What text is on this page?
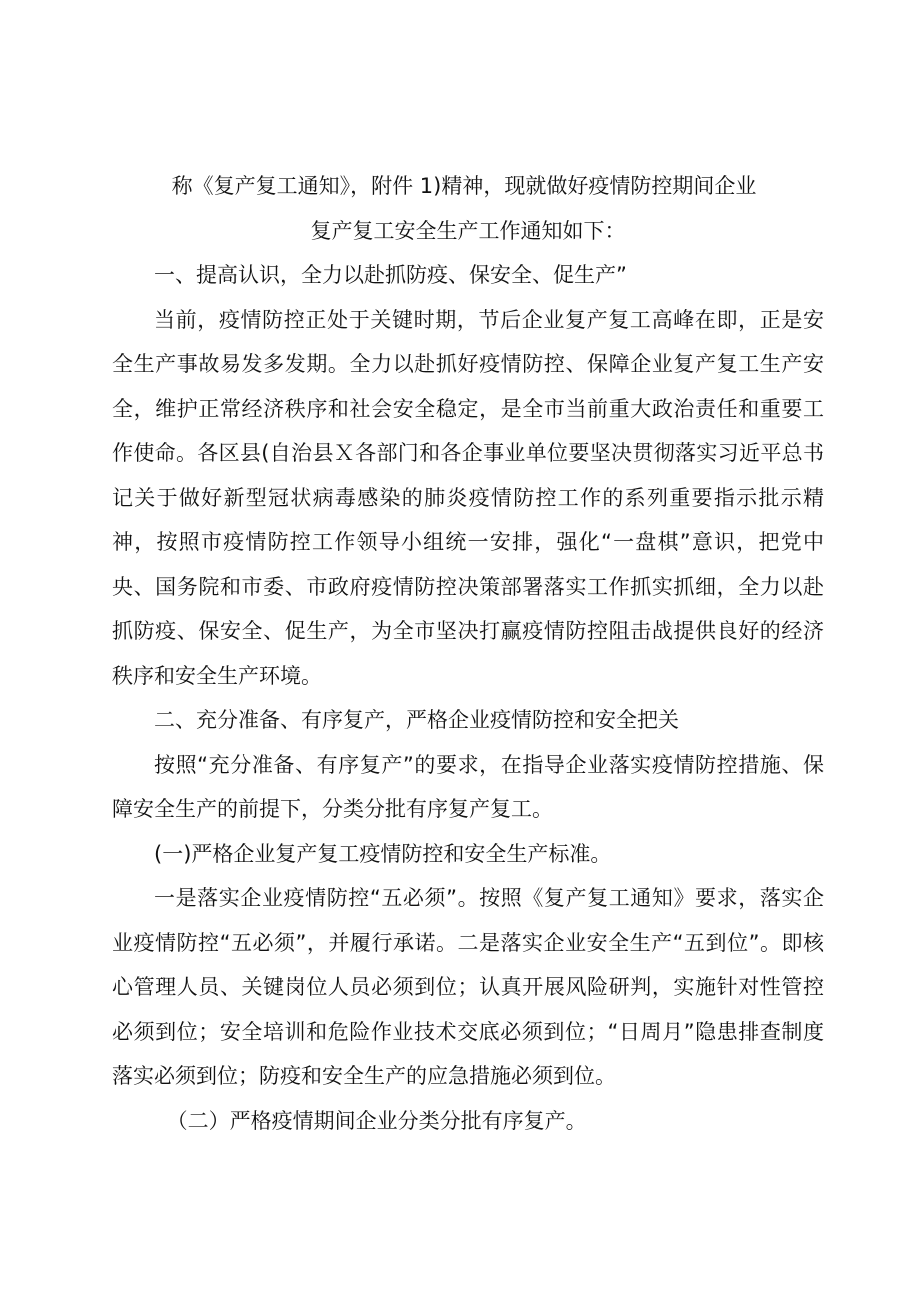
称《复产复工通知》，附件 1)精神，现就做好疫情防控期间企业
复产复工安全生产工作通知如下：

一、提高认识，全力以赴抓防疫、保安全、促生产”

当前，疫情防控正处于关键时期，节后企业复产复工高峰在即，正是安全生产事故易发多发期。全力以赴抓好疫情防控、保障企业复产复工生产安全，维护正常经济秩序和社会安全稳定，是全市当前重大政治责任和重要工作使命。各区县(自治县Ｘ各部门和各企事业单位要坚决贯彻落实习近平总书记关于做好新型冠状病毒感染的肺炎疫情防控工作的系列重要指示批示精神，按照市疫情防控工作领导小组统一安排，强化“一盘棋”意识，把党中央、国务院和市委、市政府疫情防控决策部署落实工作抓实抓细，全力以赴抓防疫、保安全、促生产，为全市坚决打赢疫情防控阻击战提供良好的经济秩序和安全生产环境。

二、充分准备、有序复产，严格企业疫情防控和安全把关

按照“充分准备、有序复产”的要求，在指导企业落实疫情防控措施、保障安全生产的前提下，分类分批有序复产复工。

(一)严格企业复产复工疫情防控和安全生产标准。

一是落实企业疫情防控“五必须”。按照《复产复工通知》要求，落实企业疫情防控“五必须”，并履行承诺。二是落实企业安全生产“五到位”。即核心管理人员、关键岗位人员必须到位；认真开展风险研判，实施针对性管控必须到位；安全培训和危险作业技术交底必须到位；“日周月”隐患排查制度落实必须到位；防疫和安全生产的应急措施必须到位。

（二）严格疫情期间企业分类分批有序复产。
